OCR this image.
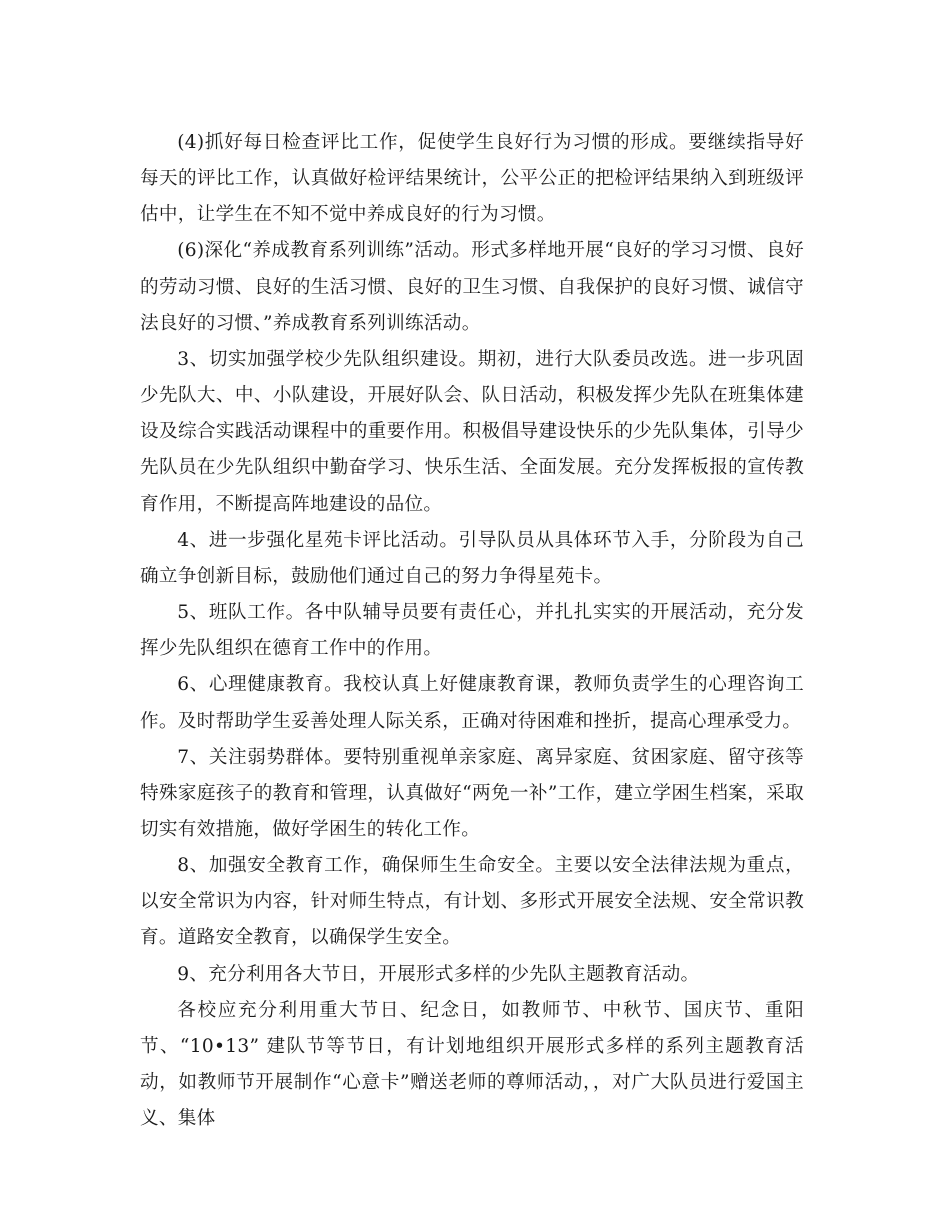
(4)抓好每日检查评比工作，促使学生良好行为习惯的形成。要继续指导好每天的评比工作，认真做好检评结果统计，公平公正的把检评结果纳入到班级评估中，让学生在不知不觉中养成良好的行为习惯。

(6)深化“养成教育系列训练”活动。形式多样地开展“良好的学习习惯、良好的劳动习惯、良好的生活习惯、良好的卫生习惯、自我保护的良好习惯、诚信守法良好的习惯、”养成教育系列训练活动。

3、切实加强学校少先队组织建设。期初，进行大队委员改选。进一步巩固少先队大、中、小队建设，开展好队会、队日活动，积极发挥少先队在班集体建设及综合实践活动课程中的重要作用。积极倡导建设快乐的少先队集体，引导少先队员在少先队组织中勤奋学习、快乐生活、全面发展。充分发挥板报的宣传教育作用，不断提高阵地建设的品位。

4、进一步强化星苑卡评比活动。引导队员从具体环节入手，分阶段为自己确立争创新目标，鼓励他们通过自己的努力争得星苑卡。

5、班队工作。各中队辅导员要有责任心，并扎扎实实的开展活动，充分发挥少先队组织在德育工作中的作用。

6、心理健康教育。我校认真上好健康教育课，教师负责学生的心理咨询工作。及时帮助学生妥善处理人际关系，正确对待困难和挫折，提高心理承受力。

7、关注弱势群体。要特别重视单亲家庭、离异家庭、贫困家庭、留守孩等特殊家庭孩子的教育和管理，认真做好“两免一补”工作，建立学困生档案，采取切实有效措施，做好学困生的转化工作。

8、加强安全教育工作，确保师生生命安全。主要以安全法律法规为重点，以安全常识为内容，针对师生特点，有计划、多形式开展安全法规、安全常识教育。道路安全教育，以确保学生安全。

9、充分利用各大节日，开展形式多样的少先队主题教育活动。

各校应充分利用重大节日、纪念日，如教师节、中秋节、国庆节、重阳节、“10•13” 建队节等节日，有计划地组织开展形式多样的系列主题教育活动，如教师节开展制作“心意卡”赠送老师的尊师活动，，对广大队员进行爱国主义、集体
